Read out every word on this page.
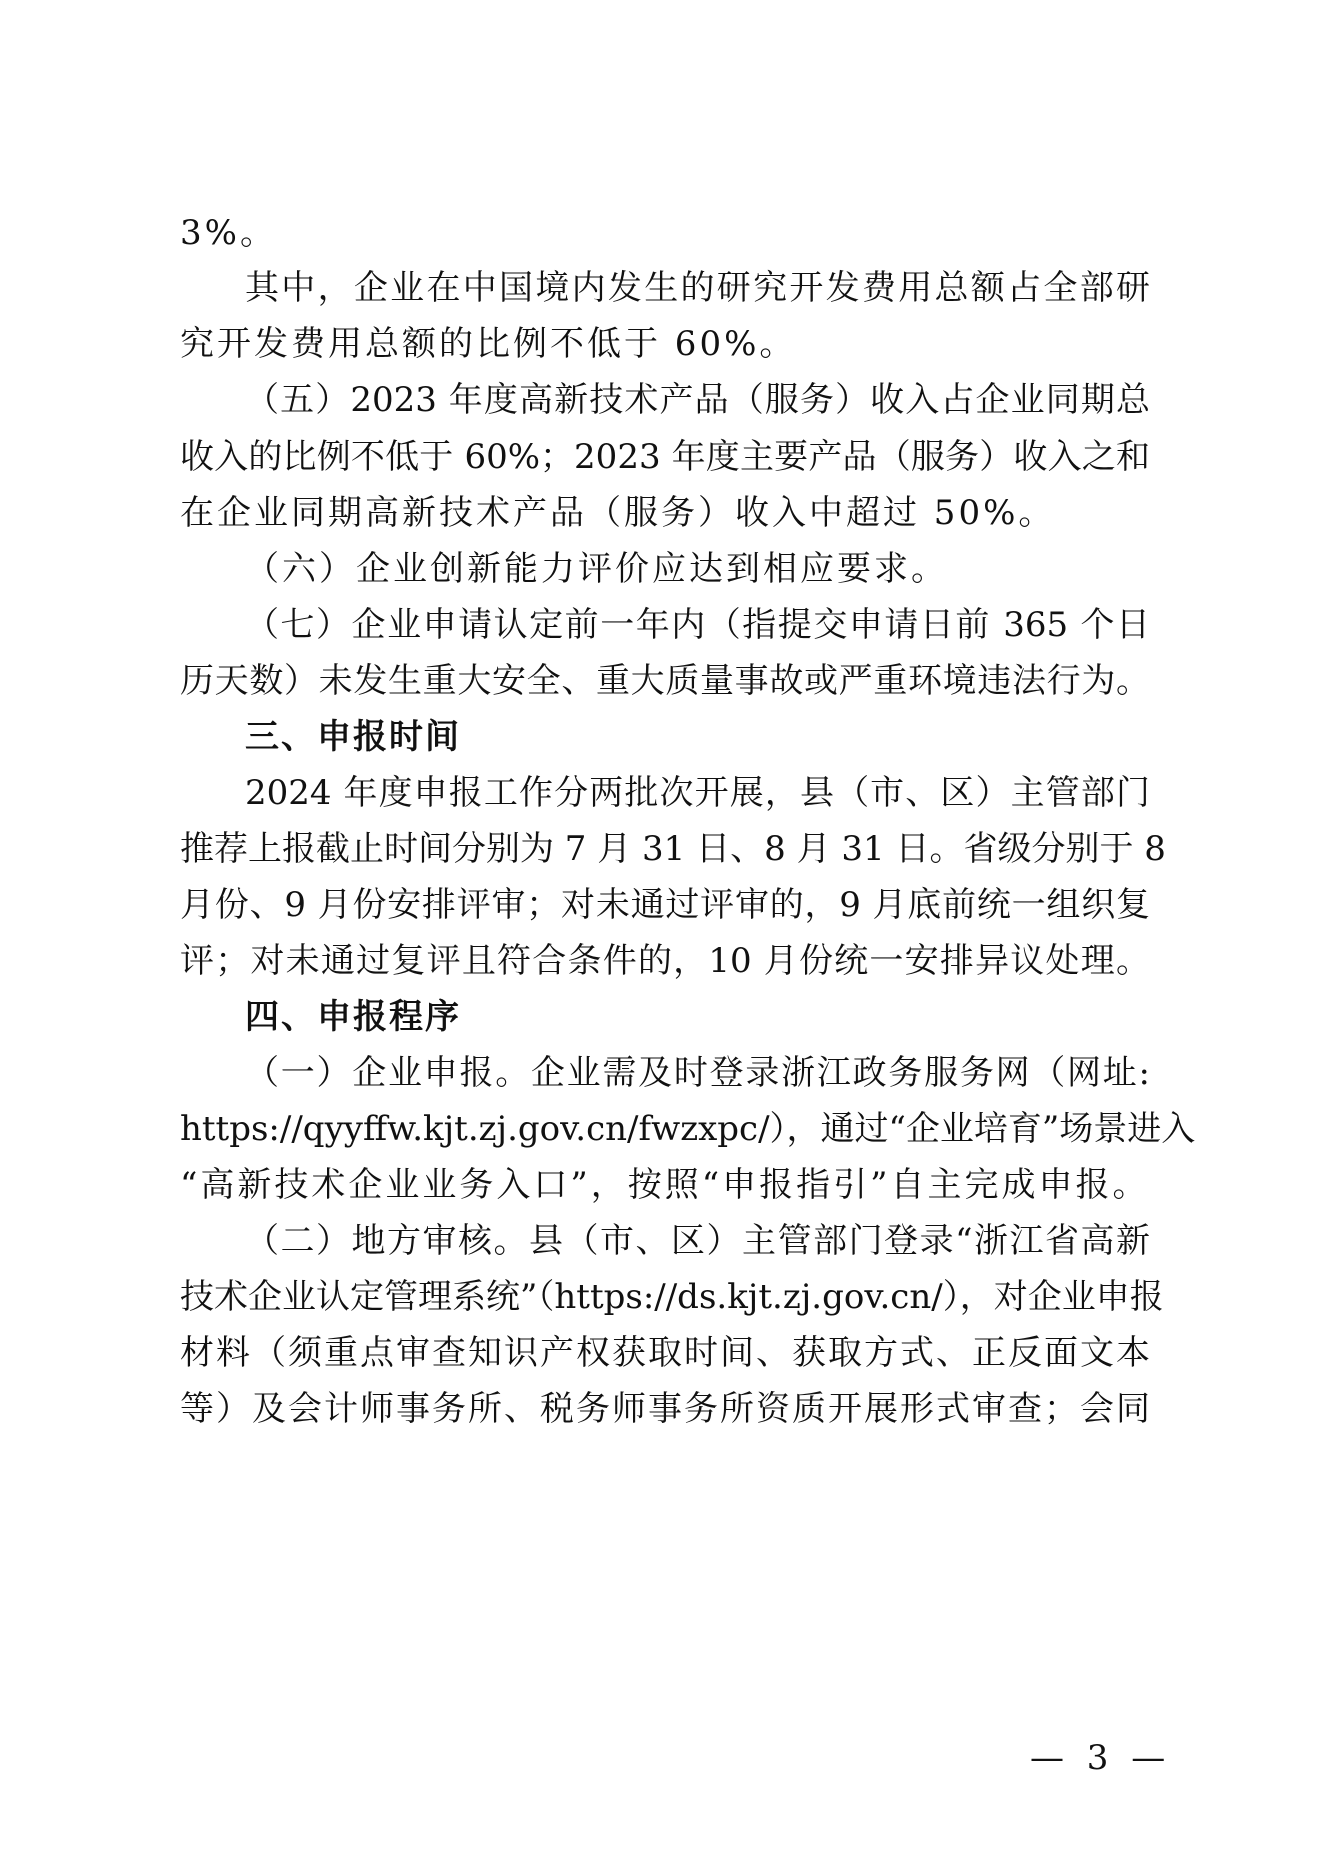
3%。
其中，企业在中国境内发生的研究开发费用总额占全部研
究开发费用总额的比例不低于 60%。
（五）2023 年度高新技术产品（服务）收入占企业同期总
收入的比例不低于 60%；2023 年度主要产品（服务）收入之和
在企业同期高新技术产品（服务）收入中超过 50%。
（六）企业创新能力评价应达到相应要求。
（七）企业申请认定前一年内（指提交申请日前 365 个日
历天数）未发生重大安全、重大质量事故或严重环境违法行为。
三、申报时间
2024 年度申报工作分两批次开展，县（市、区）主管部门
推荐上报截止时间分别为 7 月 31 日、8 月 31 日。省级分别于 8
月份、9 月份安排评审；对未通过评审的，9 月底前统一组织复
评；对未通过复评且符合条件的，10 月份统一安排异议处理。
四、申报程序
（一）企业申报。企业需及时登录浙江政务服务网（网址:
https://qyyffw.kjt.zj.gov.cn/fwzxpc/），通过“企业培育”场景进入
“高新技术企业业务入口”，按照“申报指引”自主完成申报。
（二）地方审核。县（市、区）主管部门登录“浙江省高新
技术企业认定管理系统”（https://ds.kjt.zj.gov.cn/），对企业申报
材料（须重点审查知识产权获取时间、获取方式、正反面文本
等）及会计师事务所、税务师事务所资质开展形式审查；会同
— 3 —
